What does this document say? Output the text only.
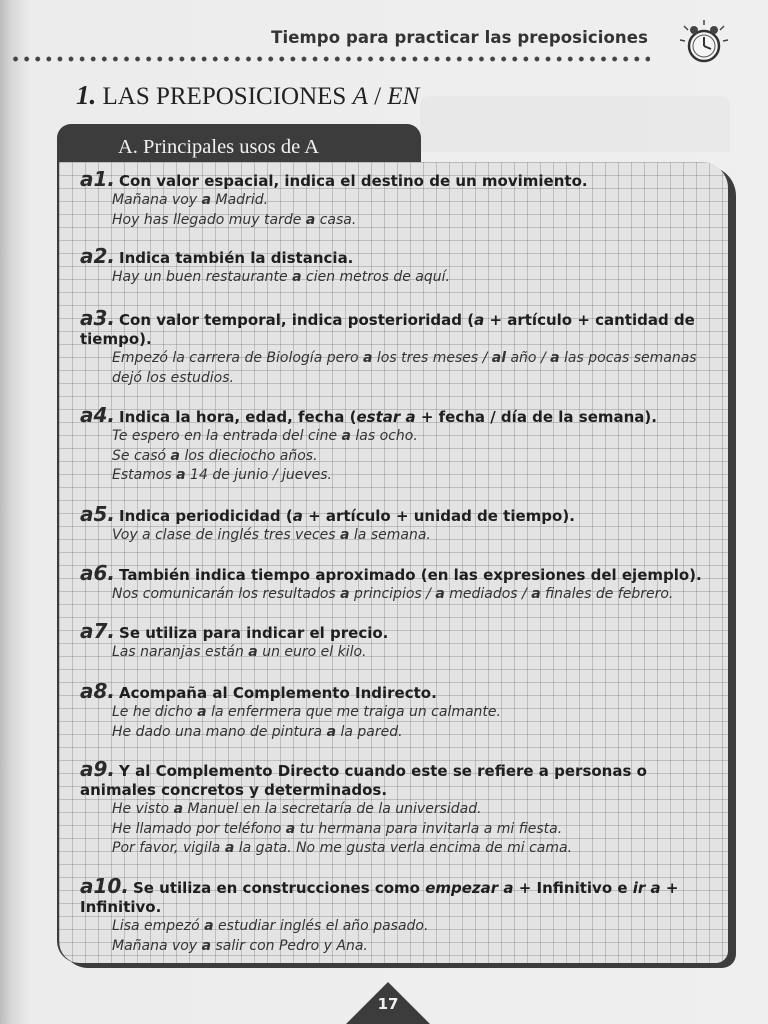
Tiempo para practicar las preposiciones
1. LAS PREPOSICIONES A / EN
A. Principales usos de A
a1. Con valor espacial, indica el destino de un movimiento.
Mañana voy a Madrid.
Hoy has llegado muy tarde a casa.
a2. Indica también la distancia.
Hay un buen restaurante a cien metros de aquí.
a3. Con valor temporal, indica posterioridad (a + artículo + cantidad de tiempo).
Empezó la carrera de Biología pero a los tres meses / al año / a las pocas semanas dejó los estudios.
a4. Indica la hora, edad, fecha (estar a + fecha / día de la semana).
Te espero en la entrada del cine a las ocho.
Se casó a los dieciocho años.
Estamos a 14 de junio / jueves.
a5. Indica periodicidad (a + artículo + unidad de tiempo).
Voy a clase de inglés tres veces a la semana.
a6. También indica tiempo aproximado (en las expresiones del ejemplo).
Nos comunicarán los resultados a principios / a mediados / a finales de febrero.
a7. Se utiliza para indicar el precio.
Las naranjas están a un euro el kilo.
a8. Acompaña al Complemento Indirecto.
Le he dicho a la enfermera que me traiga un calmante.
He dado una mano de pintura a la pared.
a9. Y al Complemento Directo cuando este se refiere a personas o animales concretos y determinados.
He visto a Manuel en la secretaría de la universidad.
He llamado por teléfono a tu hermana para invitarla a mi fiesta.
Por favor, vigila a la gata. No me gusta verla encima de mi cama.
a10. Se utiliza en construcciones como empezar a + Infinitivo e ir a + Infinitivo.
Lisa empezó a estudiar inglés el año pasado.
Mañana voy a salir con Pedro y Ana.
17
